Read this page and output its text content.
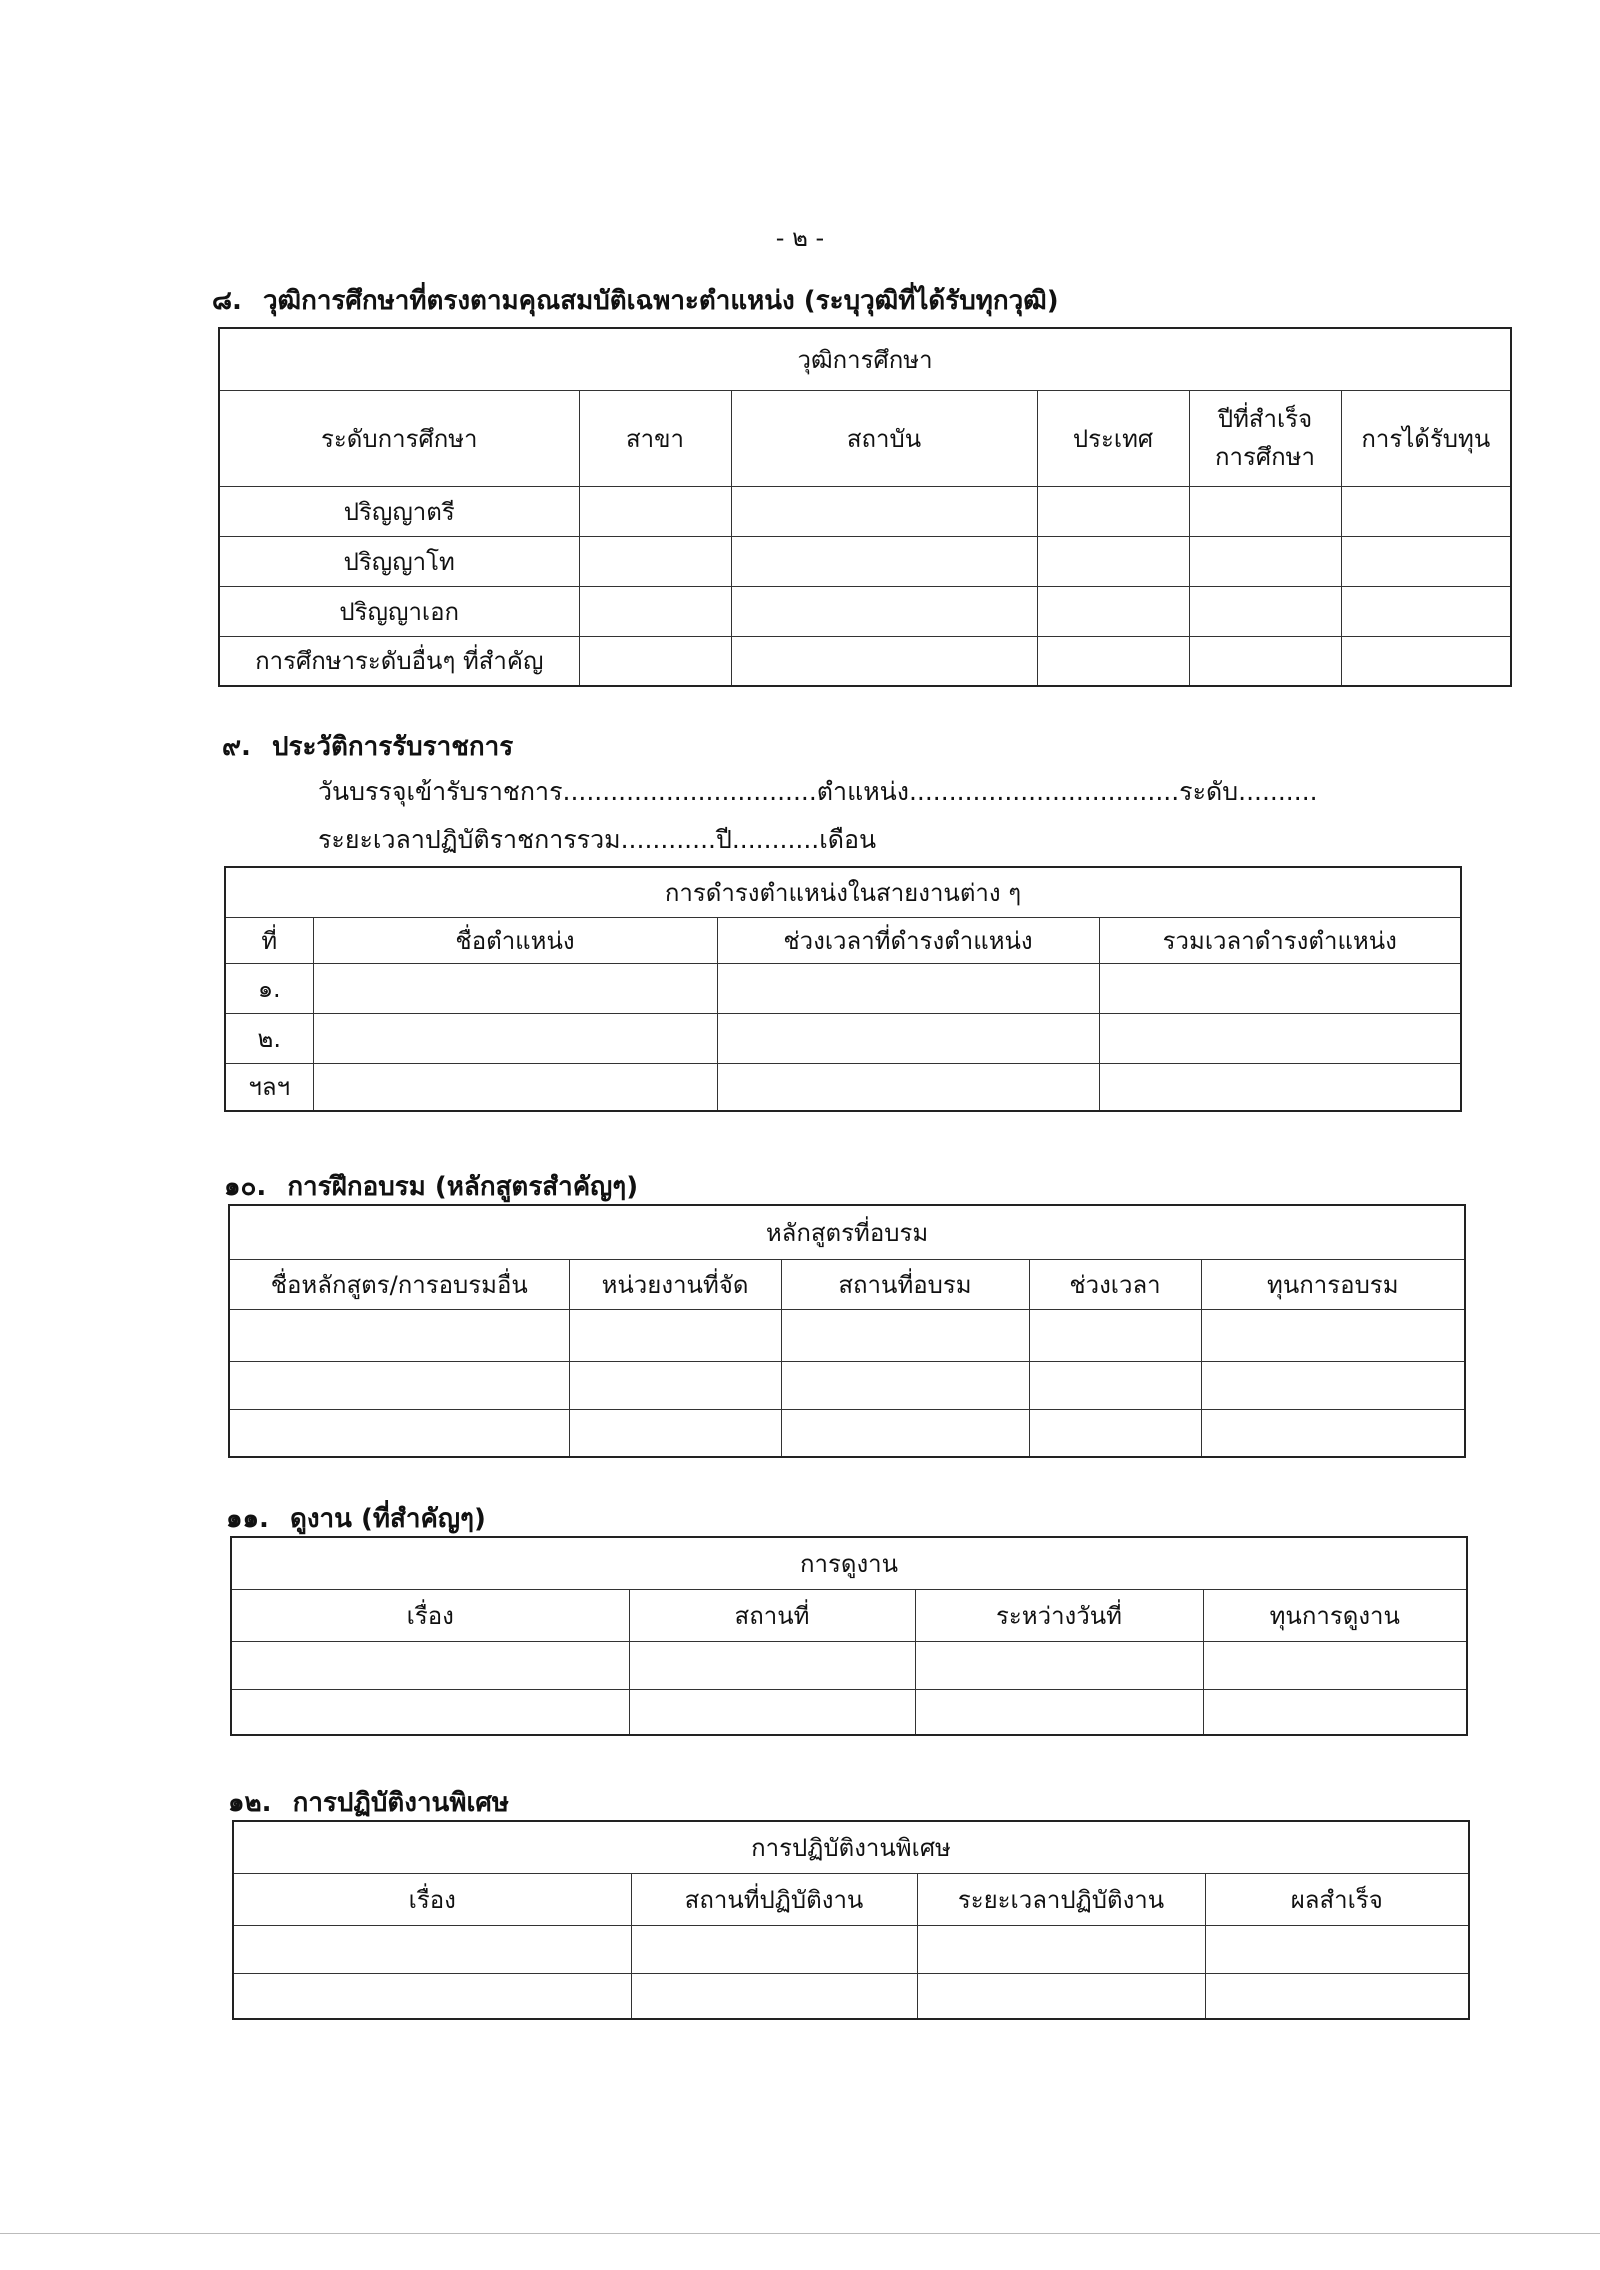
- ๒ -
๘. วุฒิการศึกษาที่ตรงตามคุณสมบัติเฉพาะตำแหน่ง (ระบุวุฒิที่ได้รับทุกวุฒิ)
วุฒิการศึกษา					
ระดับการศึกษา	สาขา	สถาบัน	ประเทศ	ปีที่สำเร็จ การศึกษา	การได้รับทุน
ปริญญาตรี					
ปริญญาโท					
ปริญญาเอก					
การศึกษาระดับอื่นๆ ที่สำคัญ					
๙. ประวัติการรับราชการ
วันบรรจุเข้ารับราชการ................................ตำแหน่ง..................................ระดับ..........
ระยะเวลาปฏิบัติราชการรวม............ปี...........เดือน
การดำรงตำแหน่งในสายงานต่าง ๆ			
ที่	ชื่อตำแหน่ง	ช่วงเวลาที่ดำรงตำแหน่ง	รวมเวลาดำรงตำแหน่ง
๑.			
๒.			
ฯลฯ			
๑๐. การฝึกอบรม (หลักสูตรสำคัญๆ)
หลักสูตรที่อบรม				
ชื่อหลักสูตร/การอบรมอื่น	หน่วยงานที่จัด	สถานที่อบรม	ช่วงเวลา	ทุนการอบรม

๑๑. ดูงาน (ที่สำคัญๆ)
การดูงาน			
เรื่อง	สถานที่	ระหว่างวันที่	ทุนการดูงาน

๑๒. การปฏิบัติงานพิเศษ
การปฏิบัติงานพิเศษ			
เรื่อง	สถานที่ปฏิบัติงาน	ระยะเวลาปฏิบัติงาน	ผลสำเร็จ
